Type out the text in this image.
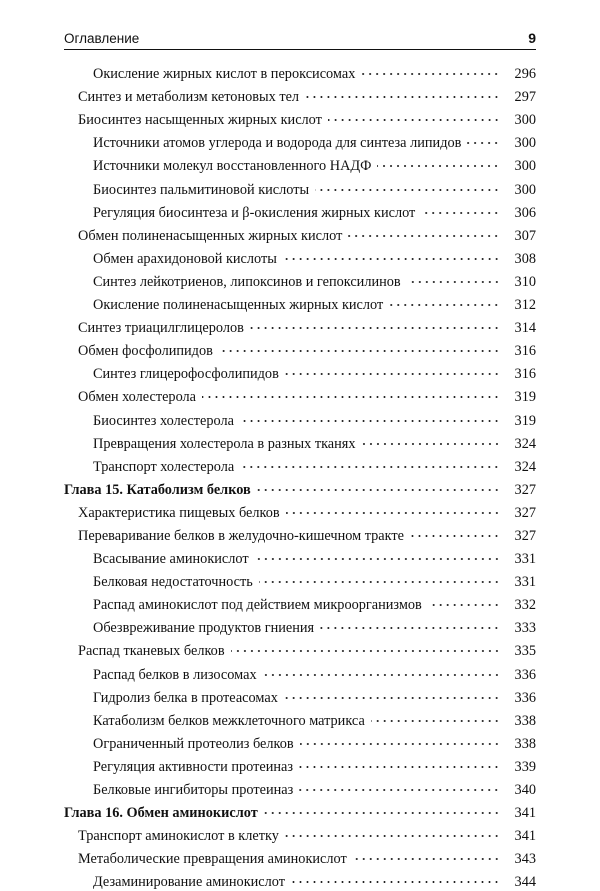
Оглавление	9
Окисление жирных кислот в пероксисомах	296
Синтез и метаболизм кетоновых тел	297
Биосинтез насыщенных жирных кислот	300
Источники атомов углерода и водорода для синтеза липидов	300
Источники молекул восстановленного НАДФ	300
Биосинтез пальмитиновой кислоты	300
Регуляция биосинтеза и β-окисления жирных кислот	306
Обмен полиненасыщенных жирных кислот	307
Обмен арахидоновой кислоты	308
Синтез лейкотриенов, липоксинов и гепоксилинов	310
Окисление полиненасыщенных жирных кислот	312
Синтез триацилглицеролов	314
Обмен фосфолипидов	316
Синтез глицерофосфолипидов	316
Обмен холестерола	319
Биосинтез холестерола	319
Превращения холестерола в разных тканях	324
Транспорт холестерола	324
Глава 15. Катаболизм белков	327
Характеристика пищевых белков	327
Переваривание белков в желудочно-кишечном тракте	327
Всасывание аминокислот	331
Белковая недостаточность	331
Распад аминокислот под действием микроорганизмов	332
Обезвреживание продуктов гниения	333
Распад тканевых белков	335
Распад белков в лизосомах	336
Гидролиз белка в протеасомах	336
Катаболизм белков межклеточного матрикса	338
Ограниченный протеолиз белков	338
Регуляция активности протеиназ	339
Белковые ингибиторы протеиназ	340
Глава 16. Обмен аминокислот	341
Транспорт аминокислот в клетку	341
Метаболические превращения аминокислот	343
Дезаминирование аминокислот	344
